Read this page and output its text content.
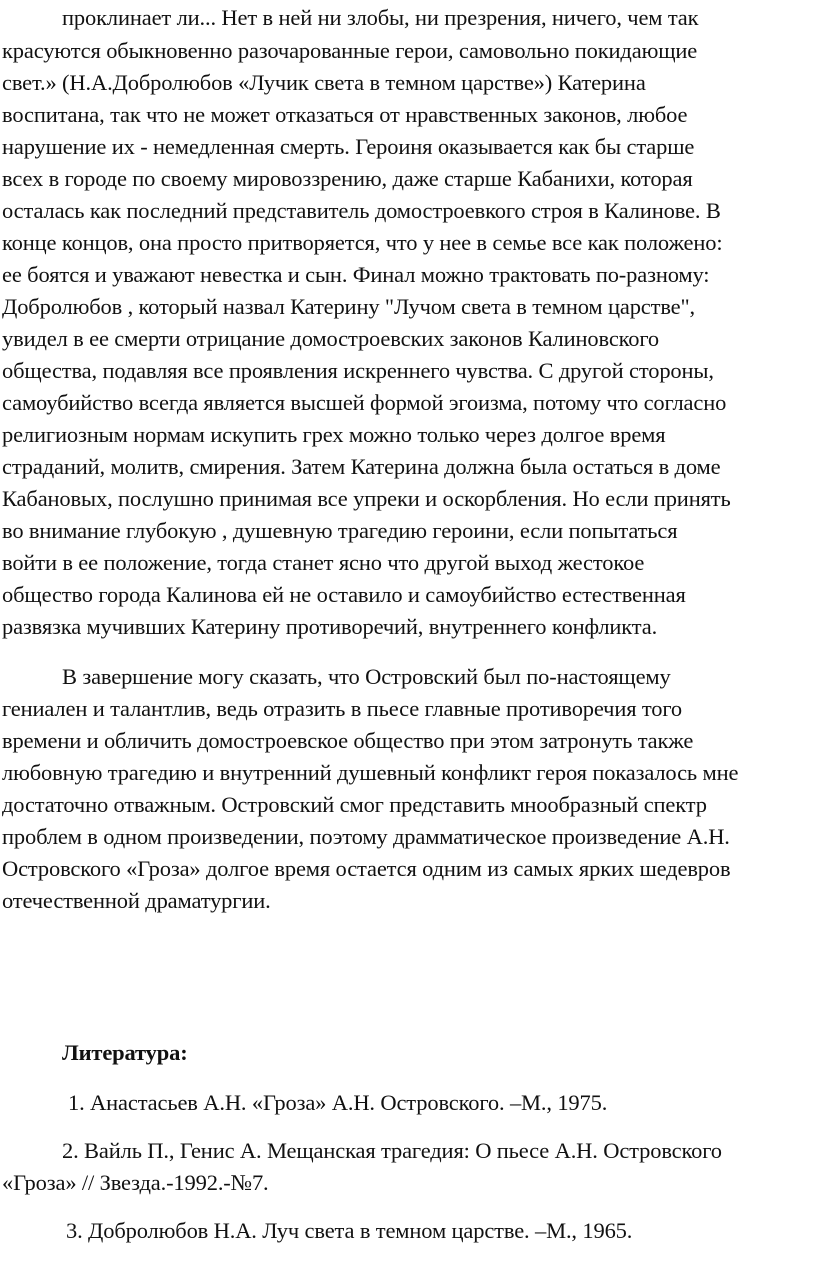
проклинает ли... Нет в ней ни злобы, ни презрения, ничего, чем так
красуются обыкновенно разочарованные герои, самовольно покидающие
свет.» (Н.А.Добролюбов «Лучик света в темном царстве») Катерина
воспитана, так что не может отказаться от нравственных законов, любое
нарушение их - немедленная смерть. Героиня оказывается как бы старше
всех в городе по своему мировоззрению, даже старше Кабанихи, которая
осталась как последний представитель домостроевкого строя в Калинове. В
конце концов, она просто притворяется, что у нее в семье все как положено:
ее боятся и уважают невестка и сын. Финал можно трактовать по-разному:
Добролюбов , который назвал Катерину "Лучом света в темном царстве",
увидел в ее смерти отрицание домостроевских законов Калиновского
общества, подавляя все проявления искреннего чувства. С другой стороны,
самоубийство всегда является высшей формой эгоизма, потому что согласно
религиозным нормам искупить грех можно только через долгое время
страданий, молитв, смирения. Затем Катерина должна была остаться в доме
Кабановых, послушно принимая все упреки и оскорбления. Но если принять
во внимание глубокую , душевную трагедию героини, если попытаться
войти в ее положение, тогда станет ясно что другой выход жестокое
общество города Калинова ей не оставило и самоубийство естественная
развязка мучивших Катерину противоречий, внутреннего конфликта.
В завершение могу сказать, что Островский был по-настоящему
гениален и талантлив, ведь отразить в пьесе главные противоречия того
времени и обличить домостроевское общество при этом затронуть также
любовную трагедию и внутренний душевный конфликт героя показалось мне
достаточно отважным. Островский смог представить мнообразный спектр
проблем в одном произведении, поэтому драмматическое произведение А.Н.
Островского «Гроза» долгое время остается одним из самых ярких шедевров
отечественной драматургии.
Литература:
1. Анастасьев А.Н. «Гроза» А.Н. Островского. –М., 1975.
2. Вайль П., Генис А. Мещанская трагедия: О пьесе А.Н. Островского
«Гроза» // Звезда.-1992.-№7.
3. Добролюбов Н.А. Луч света в темном царстве. –М., 1965.
